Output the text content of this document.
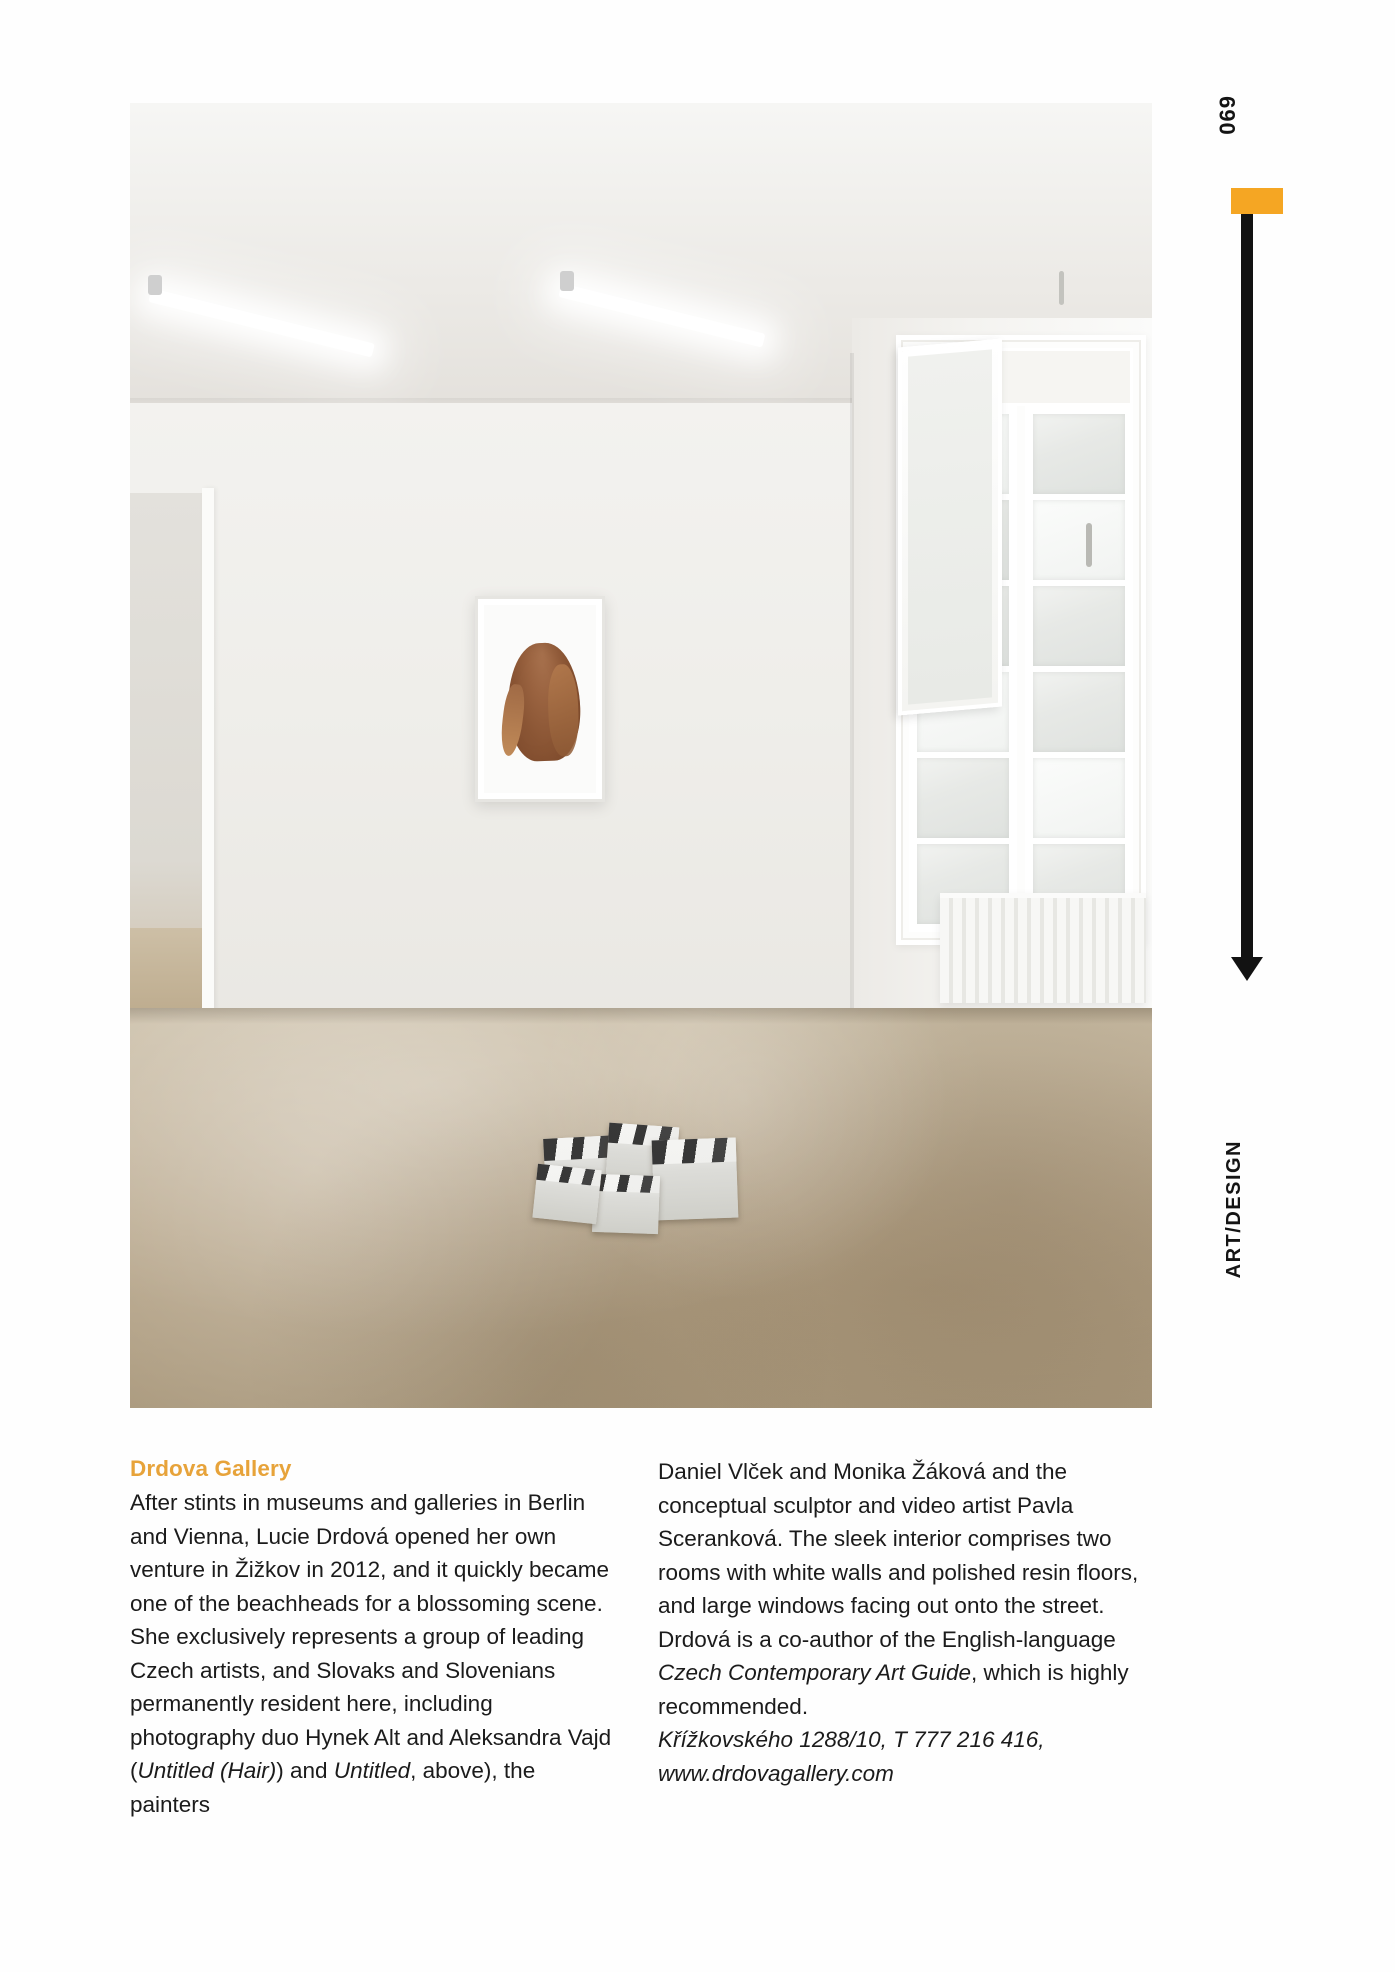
069
ART/DESIGN

Drdova Gallery

After stints in museums and galleries in Berlin and Vienna, Lucie Drdová opened her own venture in Žižkov in 2012, and it quickly became one of the beachheads for a blossoming scene. She exclusively represents a group of leading Czech artists, and Slovaks and Slovenians permanently resident here, including photography duo Hynek Alt and Aleksandra Vajd (Untitled (Hair)) and Untitled, above), the painters

Daniel Vlček and Monika Žáková and the conceptual sculptor and video artist Pavla Sceranková. The sleek interior comprises two rooms with white walls and polished resin floors, and large windows facing out onto the street. Drdová is a co-author of the English-language Czech Contemporary Art Guide, which is highly recommended.
Křížkovského 1288/10, T 777 216 416, www.drdovagallery.com
